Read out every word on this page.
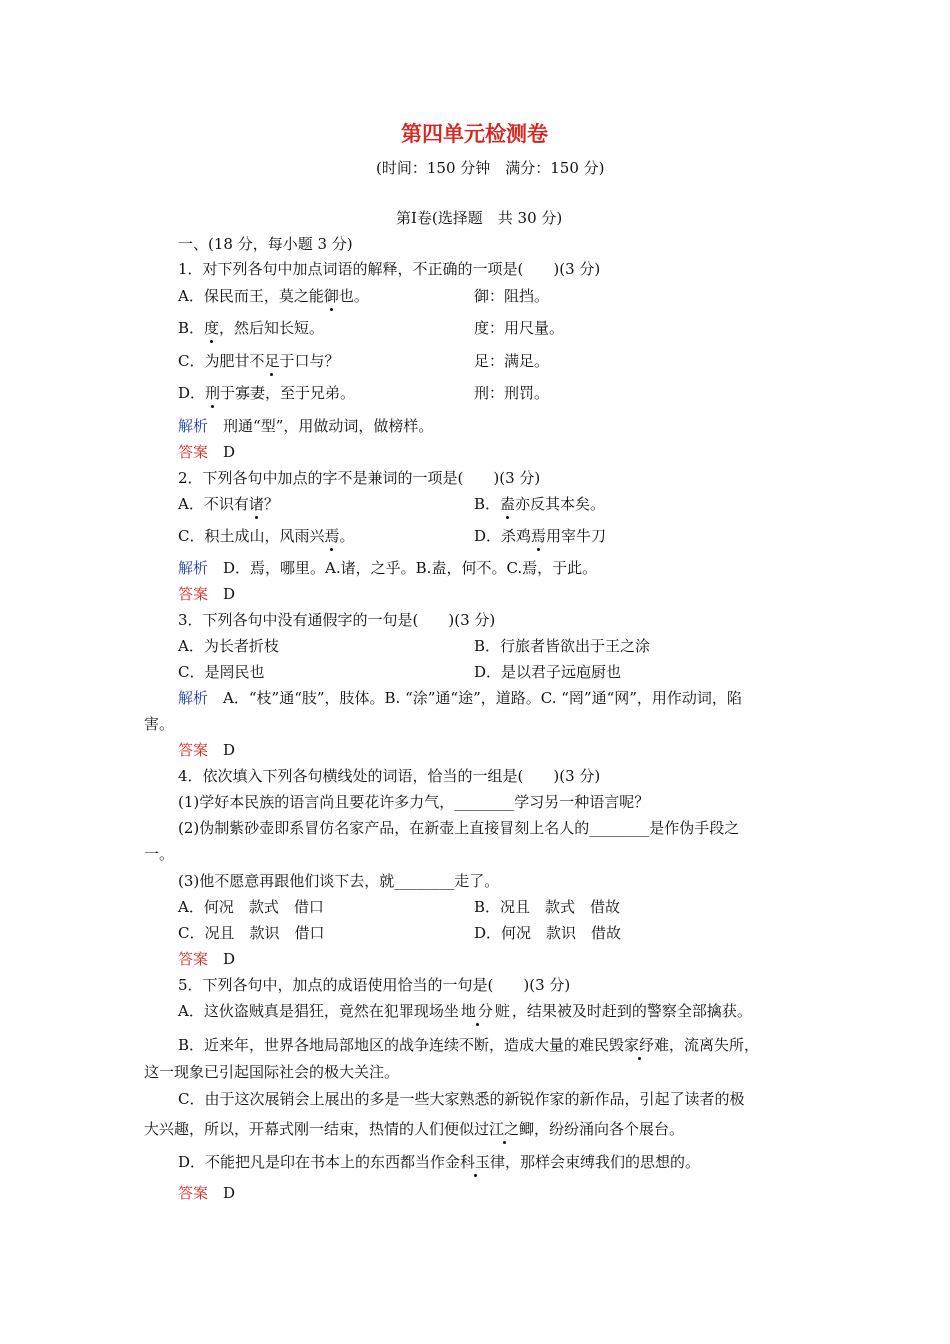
第四单元检测卷
(时间：150 分钟　满分：150 分)
第Ⅰ卷(选择题　共 30 分)
一、(18 分，每小题 3 分)
1．对下列各句中加点词语的解释，不正确的一项是(　　)(3 分)
A．保民而王，莫之能御也。	御：阻挡。
B．度，然后知长短。	度：用尺量。
C．为肥甘不足于口与？	足：满足。
D．刑于寡妻，至于兄弟。	刑：刑罚。
解析　 刑通“型”，用做动词，做榜样。
答案　 D
2．下列各句中加点的字不是兼词的一项是(　　)(3 分)
A．不识有诸？	B．盍亦反其本矣。
C．积土成山，风雨兴焉。	D．杀鸡焉用宰牛刀
解析　 D．焉，哪里。A.诸，之乎。B.盍，何不。C.焉，于此。
答案　 D
3．下列各句中没有通假字的一句是(　　)(3 分)
A．为长者折枝	B．行旅者皆欲出于王之涂
C．是罔民也	D．是以君子远庖厨也
解析　 A．“枝”通“肢”，肢体。B. “涂”通“途”，道路。C. “罔”通“网”，用作动词，陷
害。
答案　 D
4．依次填入下列各句横线处的词语，恰当的一组是(　　)(3 分)
(1)学好本民族的语言尚且要花许多力气，________学习另一种语言呢？
(2)伪制紫砂壶即系冒仿名家产品，在新壶上直接冒刻上名人的________是作伪手段之
一。
(3)他不愿意再跟他们谈下去，就________走了。
A．何况　款式　借口	B．况且　款式　借故
C．况且　款识　借口	D．何况　款识　借故
答案　 D
5．下列各句中，加点的成语使用恰当的一句是(　　)(3 分)
A．这伙盗贼真是猖狂，竟然在犯罪现场坐地分赃，结果被及时赶到的警察全部擒获。
B．近来年，世界各地局部地区的战争连续不断，造成大量的难民毁家纾难，流离失所，
这一现象已引起国际社会的极大关注。
C．由于这次展销会上展出的多是一些大家熟悉的新锐作家的新作品，引起了读者的极
大兴趣，所以，开幕式刚一结束，热情的人们便似过江之鲫，纷纷涌向各个展台。
D．不能把凡是印在书本上的东西都当作金科玉律，那样会束缚我们的思想的。
答案　 D
